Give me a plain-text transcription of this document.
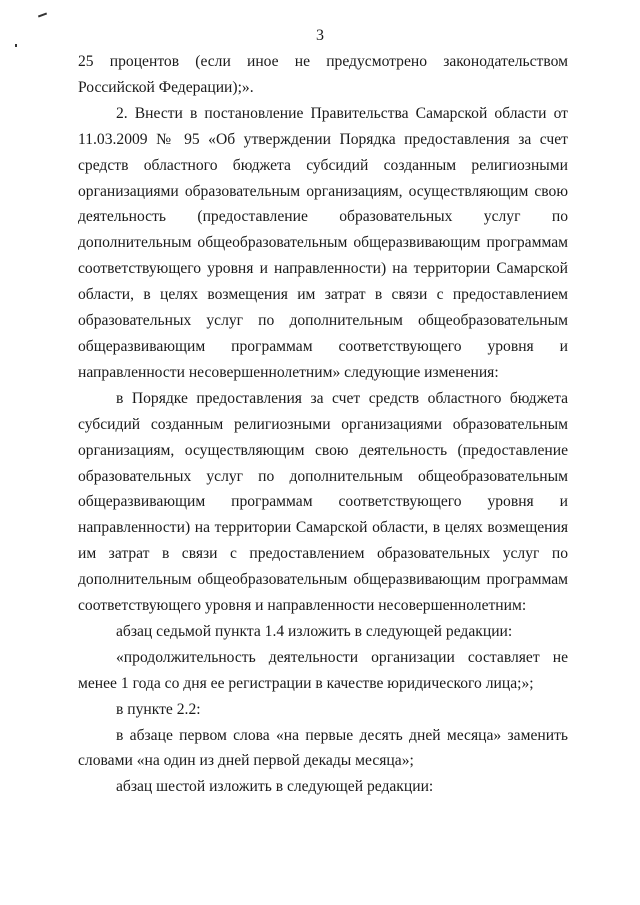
3

25 процентов (если иное не предусмотрено законодательством Российской Федерации);».

2. Внести в постановление Правительства Самарской области от 11.03.2009 № 95 «Об утверждении Порядка предоставления за счет средств областного бюджета субсидий созданным религиозными организациями образовательным организациям, осуществляющим свою деятельность (предоставление образовательных услуг по дополнительным общеобразовательным общеразвивающим программам соответствующего уровня и направленности) на территории Самарской области, в целях возмещения им затрат в связи с предоставлением образовательных услуг по дополнительным общеобразовательным общеразвивающим программам соответствующего уровня и направленности несовершеннолетним» следующие изменения:

в Порядке предоставления за счет средств областного бюджета субсидий созданным религиозными организациями образовательным организациям, осуществляющим свою деятельность (предоставление образовательных услуг по дополнительным общеобразовательным общеразвивающим программам соответствующего уровня и направленности) на территории Самарской области, в целях возмещения им затрат в связи с предоставлением образовательных услуг по дополнительным общеобразовательным общеразвивающим программам соответствующего уровня и направленности несовершеннолетним:

абзац седьмой пункта 1.4 изложить в следующей редакции:

«продолжительность деятельности организации составляет не менее 1 года со дня ее регистрации в качестве юридического лица;»;

в пункте 2.2:

в абзаце первом слова «на первые десять дней месяца» заменить словами «на один из дней первой декады месяца»;

абзац шестой изложить в следующей редакции:
